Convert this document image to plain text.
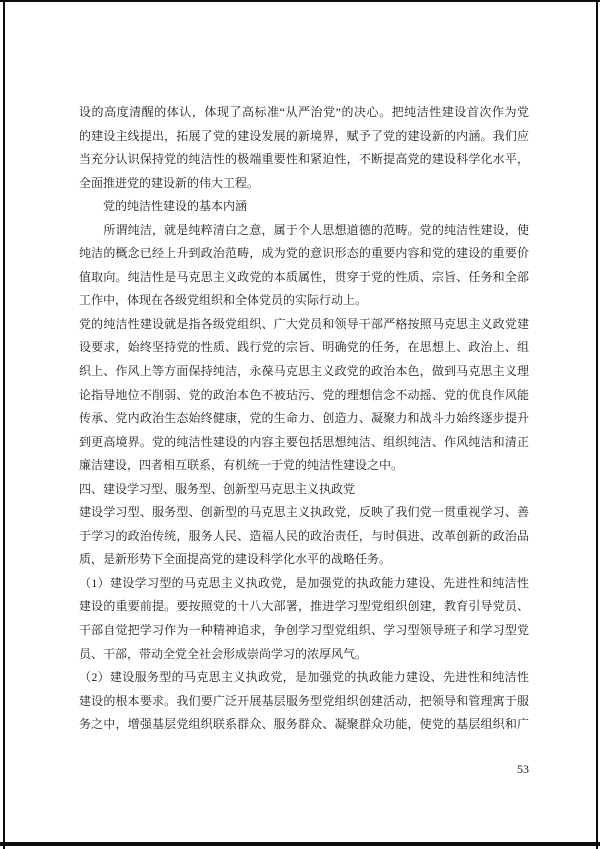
设的高度清醒的体认，体现了高标准“从严治党”的决心。把纯洁性建设首次作为党
的建设主线提出，拓展了党的建设发展的新境界，赋予了党的建设新的内涵。我们应
当充分认识保持党的纯洁性的极端重要性和紧迫性，不断提高党的建设科学化水平，
全面推进党的建设新的伟大工程。
　　党的纯洁性建设的基本内涵
　　所谓纯洁，就是纯粹清白之意，属于个人思想道德的范畴。党的纯洁性建设，使
纯洁的概念已经上升到政治范畴，成为党的意识形态的重要内容和党的建设的重要价
值取向。纯洁性是马克思主义政党的本质属性，贯穿于党的性质、宗旨、任务和全部
工作中，体现在各级党组织和全体党员的实际行动上。
党的纯洁性建设就是指各级党组织、广大党员和领导干部严格按照马克思主义政党建
设要求，始终坚持党的性质、践行党的宗旨、明确党的任务，在思想上、政治上、组
织上、作风上等方面保持纯洁，永葆马克思主义政党的政治本色，做到马克思主义理
论指导地位不削弱、党的政治本色不被玷污、党的理想信念不动摇、党的优良作风能
传承、党内政治生态始终健康，党的生命力、创造力、凝聚力和战斗力始终逐步提升
到更高境界。党的纯洁性建设的内容主要包括思想纯洁、组织纯洁、作风纯洁和清正
廉洁建设，四者相互联系，有机统一于党的纯洁性建设之中。
四、建设学习型、服务型、创新型马克思主义执政党
建设学习型、服务型、创新型的马克思主义执政党，反映了我们党一贯重视学习、善
于学习的政治传统，服务人民、造福人民的政治责任，与时俱进、改革创新的政治品
质，是新形势下全面提高党的建设科学化水平的战略任务。
（1）建设学习型的马克思主义执政党，是加强党的执政能力建设、先进性和纯洁性
建设的重要前提。要按照党的十八大部署，推进学习型党组织创建，教育引导党员、
干部自觉把学习作为一种精神追求，争创学习型党组织、学习型领导班子和学习型党
员、干部，带动全党全社会形成崇尚学习的浓厚风气。
（2）建设服务型的马克思主义执政党，是加强党的执政能力建设、先进性和纯洁性
建设的根本要求。我们要广泛开展基层服务型党组织创建活动，把领导和管理寓于服
务之中，增强基层党组织联系群众、服务群众、凝聚群众功能，使党的基层组织和广
53
